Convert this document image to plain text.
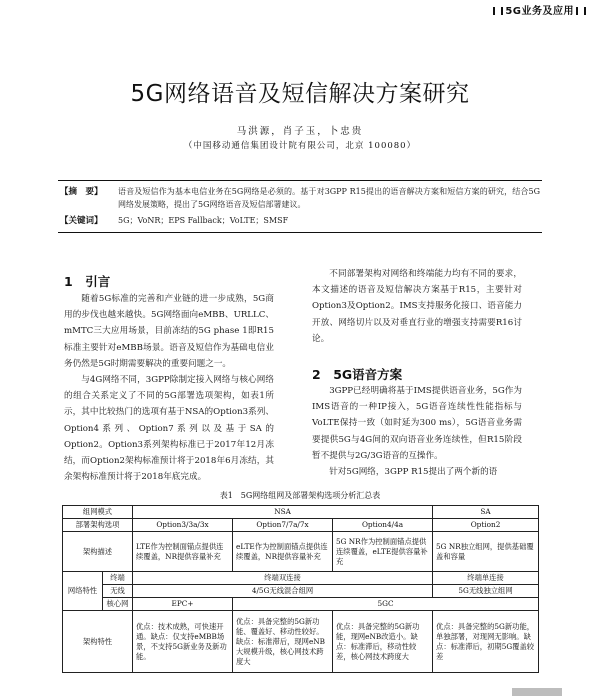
5G业务及应用
5G网络语音及短信解决方案研究
马洪源，肖子玉，卜忠贵
（中国移动通信集团设计院有限公司，北京 100080）
【摘　要】 语音及短信作为基本电信业务在5G网络是必须的。基于对3GPP R15提出的语音解决方案和短信方案的研究，结合5G网络发展策略，提出了5G网络语音及短信部署建议。
【关键词】 5G；VoNR；EPS Fallback；VoLTE；SMSF
1　引言

随着5G标准的完善和产业链的进一步成熟，5G商用的步伐也越来越快。5G网络面向eMBB、URLLC、mMTC三大应用场景，目前冻结的5G phase 1即R15标准主要针对eMBB场景。语音及短信作为基础电信业务仍然是5G时期需要解决的重要问题之一。

与4G网络不同，3GPP除制定接入网络与核心网络的组合关系定义了不同的5G部署选项架构，如表1所示，其中比较热门的选项有基于NSA的Option3系列、Option4系列、Option7系列以及基于SA的Option2。Option3系列架构标准已于2017年12月冻结，而Option2架构标准预计将于2018年6月冻结，其余架构标准预计将于2018年底完成。

不同部署架构对网络和终端能力均有不同的要求，本文描述的语音及短信解决方案基于R15，主要针对Option3及Option2。IMS支持服务化接口、语音能力开放、网络切片以及对垂直行业的增强支持需要R16讨论。

2　5G语音方案

3GPP已经明确将基于IMS提供语音业务，5G作为IMS语音的一种IP接入，5G语音连续性性能指标与VoLTE保持一致（如时延为300 ms），5G语音业务需要提供5G与4G间的双向语音业务连续性，但R15阶段暂不提供与2G/3G语音的互操作。

针对5G网络，3GPP R15提出了两个新的语

表1　5G网络组网及部署架构选项分析汇总表
组网模式		NSA			SA
部署架构选项		Option3/3a/3x	Option7/7a/7x	Option4/4a	Option2
架构描述		LTE作为控制面锚点提供连续覆盖，NR提供容量补充	eLTE作为控制面锚点提供连续覆盖，NR提供容量补充	5G NR作为控制面锚点提供连续覆盖，eLTE提供容量补充	5G NR独立组网，提供基础覆盖和容量
网络特性	终端	终端双连接			终端单连接
	无线	4/5G无线混合组网			5G无线独立组网
	核心网	EPC+	5GC		
架构特性		优点：技术成熟，可快速开通。缺点：仅支持eMBB场景，不支持5G新业务及新功能。	优点：具备完整的5G新功能、覆盖好、移动性较好。缺点：标准滞后，现网eNB大规模升级，核心网技术跨度大	优点：具备完整的5G新功能，现网eNB改造小。缺点：标准滞后，移动性较差，核心网技术跨度大	优点：具备完整的5G新功能，单独部署，对现网无影响。缺点：标准滞后，初期5G覆盖较差
